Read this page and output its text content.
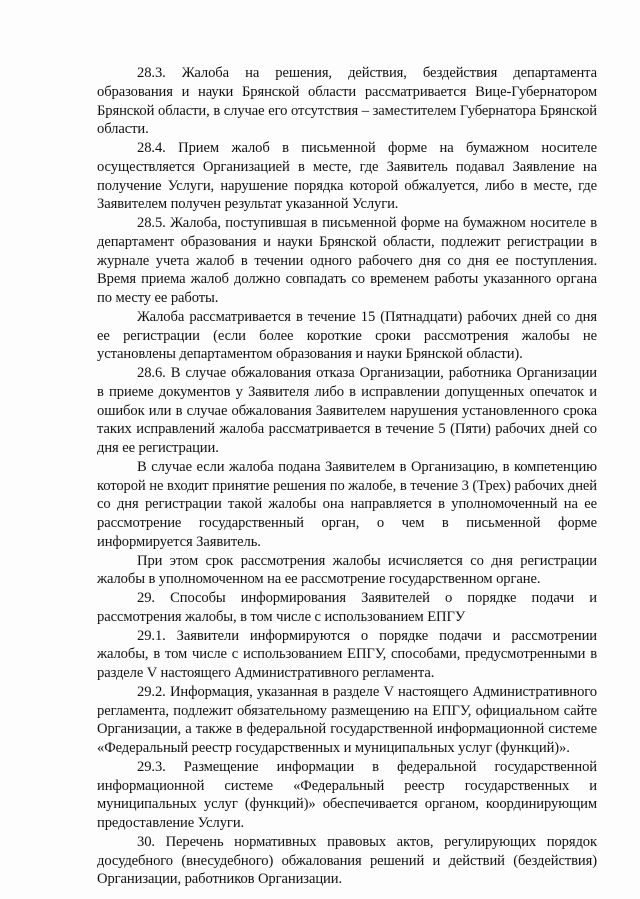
28.3. Жалоба на решения, действия, бездействия департамента образования и науки Брянской области рассматривается Вице-Губернатором Брянской области, в случае его отсутствия – заместителем Губернатора Брянской области.

28.4. Прием жалоб в письменной форме на бумажном носителе осуществляется Организацией в месте, где Заявитель подавал Заявление на получение Услуги, нарушение порядка которой обжалуется, либо в месте, где Заявителем получен результат указанной Услуги.

28.5. Жалоба, поступившая в письменной форме на бумажном носителе в департамент образования и науки Брянской области, подлежит регистрации в журнале учета жалоб в течении одного рабочего дня со дня ее поступления. Время приема жалоб должно совпадать со временем работы указанного органа по месту ее работы.

Жалоба рассматривается в течение 15 (Пятнадцати) рабочих дней со дня ее регистрации (если более короткие сроки рассмотрения жалобы не установлены департаментом образования и науки Брянской области).

28.6. В случае обжалования отказа Организации, работника Организации в приеме документов у Заявителя либо в исправлении допущенных опечаток и ошибок или в случае обжалования Заявителем нарушения установленного срока таких исправлений жалоба рассматривается в течение 5 (Пяти) рабочих дней со дня ее регистрации.

В случае если жалоба подана Заявителем в Организацию, в компетенцию которой не входит принятие решения по жалобе, в течение 3 (Трех) рабочих дней со дня регистрации такой жалобы она направляется в уполномоченный на ее рассмотрение государственный орган, о чем в письменной форме информируется Заявитель.

При этом срок рассмотрения жалобы исчисляется со дня регистрации жалобы в уполномоченном на ее рассмотрение государственном органе.

29. Способы информирования Заявителей о порядке подачи и рассмотрения жалобы, в том числе с использованием ЕПГУ

29.1. Заявители информируются о порядке подачи и рассмотрении жалобы, в том числе с использованием ЕПГУ, способами, предусмотренными в разделе V настоящего Административного регламента.

29.2. Информация, указанная в разделе V настоящего Административного регламента, подлежит обязательному размещению на ЕПГУ, официальном сайте Организации, а также в федеральной государственной информационной системе «Федеральный реестр государственных и муниципальных услуг (функций)».

29.3. Размещение информации в федеральной государственной информационной системе «Федеральный реестр государственных и муниципальных услуг (функций)» обеспечивается органом, координирующим предоставление Услуги.

30. Перечень нормативных правовых актов, регулирующих порядок досудебного (внесудебного) обжалования решений и действий (бездействия) Организации, работников Организации.
